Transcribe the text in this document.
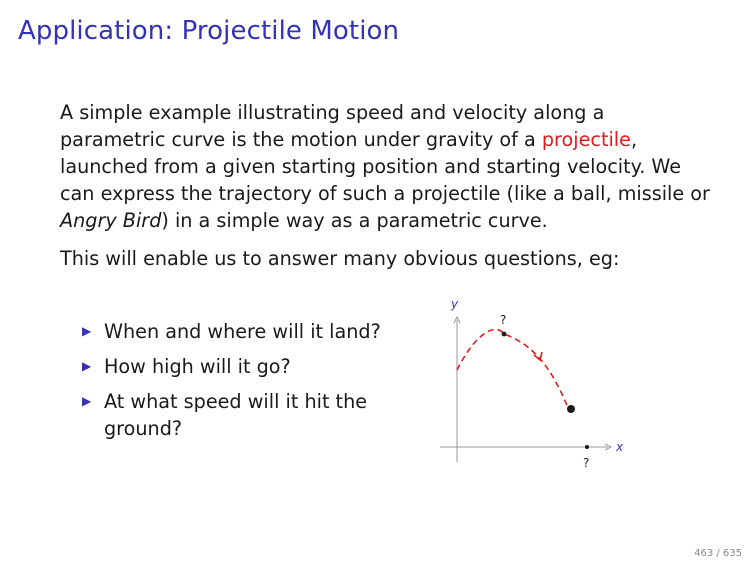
Application: Projectile Motion

A simple example illustrating speed and velocity along a parametric curve is the motion under gravity of a projectile, launched from a given starting position and starting velocity. We can express the trajectory of such a projectile (like a ball, missile or Angry Bird) in a simple way as a parametric curve.

This will enable us to answer many obvious questions, eg:

▶ When and where will it land?
▶ How high will it go?
▶ At what speed will it hit the ground?
y
x
?
?
463 / 635
